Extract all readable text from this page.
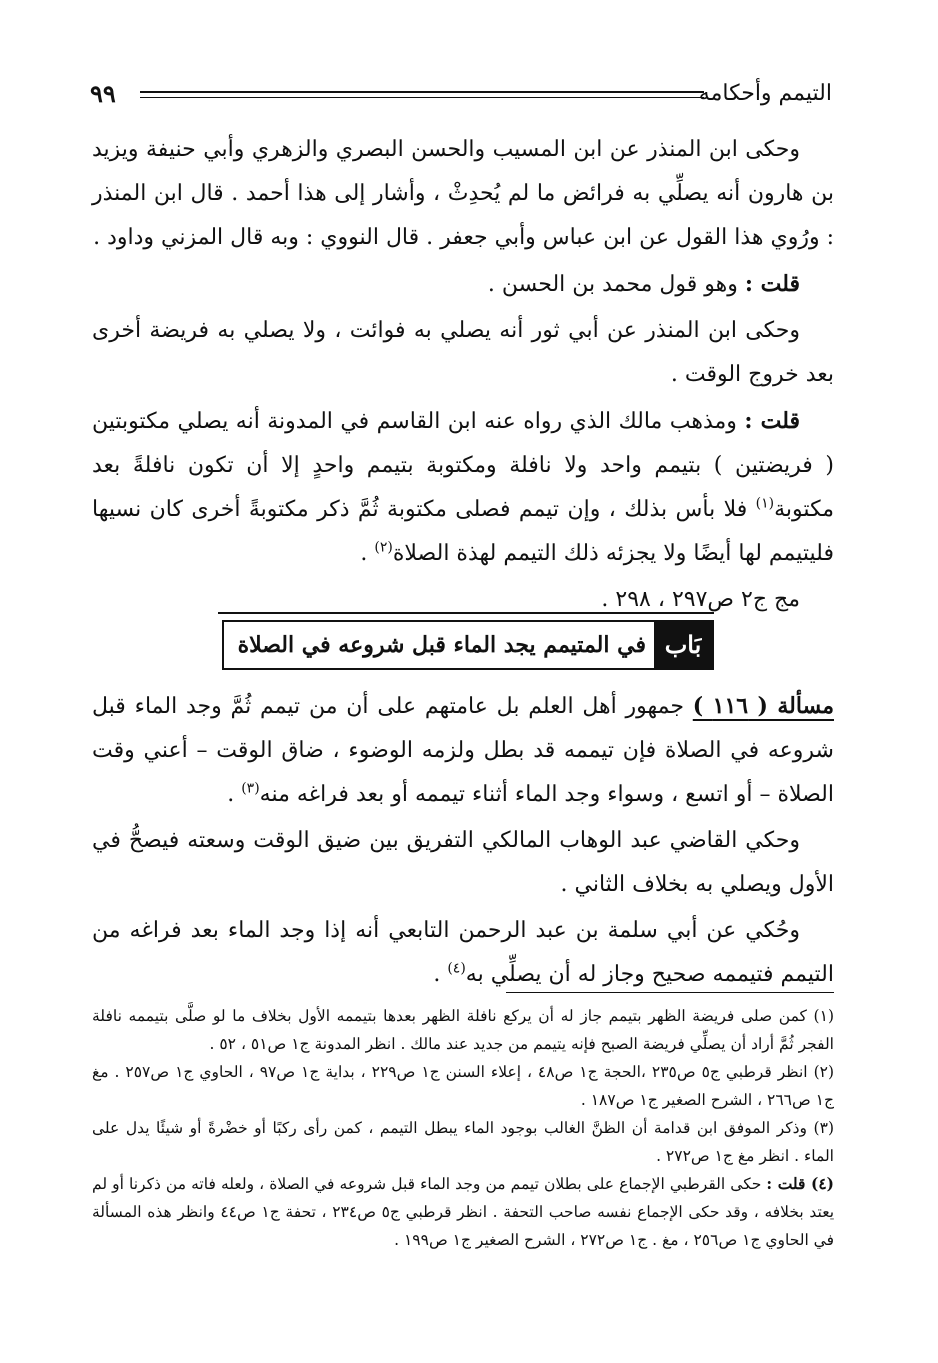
التيمم وأحكامه
٩٩

وحكى ابن المنذر عن ابن المسيب والحسن البصري والزهري وأبي حنيفة ويزيد بن هارون أنه يصلِّي به فرائض ما لم يُحدِثْ ، وأشار إلى هذا أحمد . قال ابن المنذر : ورُوي هذا القول عن ابن عباس وأبي جعفر . قال النووي : وبه قال المزني وداود .

قلت : وهو قول محمد بن الحسن .

وحكى ابن المنذر عن أبي ثور أنه يصلي به فوائت ، ولا يصلي به فريضة أخرى بعد خروج الوقت .

قلت : ومذهب مالك الذي رواه عنه ابن القاسم في المدونة أنه يصلي مكتوبتين ( فريضتين ) بتيمم واحد ولا نافلة ومكتوبة بتيمم واحدٍ إلا أن تكون نافلةً بعد مكتوبة$^{(١)}$ فلا بأس بذلك ، وإن تيمم فصلى مكتوبة ثُمَّ ذكر مكتوبةً أخرى كان نسيها فليتيمم لها أيضًا ولا يجزئه ذلك التيمم لهذة الصلاة$^{(٢)}$ .

مج ج٢ ص٢٩٧ ، ٢٩٨ .

بَاب
في المتيمم يجد الماء قبل شروعه في الصلاة

مسألة ( ١١٦ ) جمهور أهل العلم بل عامتهم على أن من تيمم ثُمَّ وجد الماء قبل شروعه في الصلاة فإن تيممه قد بطل ولزمه الوضوء ، ضاق الوقت – أعني وقت الصلاة – أو اتسع ، وسواء وجد الماء أثناء تيممه أو بعد فراغه منه$^{(٣)}$ .

وحكي القاضي عبد الوهاب المالكي التفريق بين ضيق الوقت وسعته فيصحُّ في الأول ويصلي به بخلاف الثاني .

وحُكي عن أبي سلمة بن عبد الرحمن التابعي أنه إذا وجد الماء بعد فراغه من التيمم فتيممه صحيح وجاز له أن يصلِّي به$^{(٤)}$ .

(١) كمن صلى فريضة الظهر بتيمم جاز له أن يركع نافلة الظهر بعدها بتيممه الأول بخلاف ما لو صلَّى بتيممه نافلة الفجر ثُمَّ أراد أن يصلِّي فريضة الصبح فإنه يتيمم من جديد عند مالك . انظر المدونة ج١ ص٥١ ، ٥٢ .

(٢) انظر قرطبي ج٥ ص٢٣٥ ،الحجة ج١ ص٤٨ ، إعلاء السنن ج١ ص٢٢٩ ، بداية ج١ ص٩٧ ، الحاوي ج١ ص٢٥٧ . مغ ج١ ص٢٦٦ ، الشرح الصغير ج١ ص١٨٧ .

(٣) وذكر الموفق ابن قدامة أن الظنَّ الغالب بوجود الماء يبطل التيمم ، كمن رأى ركبًا أو خضْرةً أو شيئًا يدل على الماء . انظر مغ ج١ ص٢٧٢ .

(٤) قلت : حكى القرطبي الإجماع على بطلان تيمم من وجد الماء قبل شروعه في الصلاة ، ولعله فاته من ذكرنا أو لم يعتد بخلافه ، وقد حكى الإجماع نفسه صاحب التحفة . انظر قرطبي ج٥ ص٢٣٤ ، تحفة ج١ ص٤٤ وانظر هذه المسألة في الحاوي ج١ ص٢٥٦ ، مغ . ج١ ص٢٧٢ ، الشرح الصغير ج١ ص١٩٩ .
